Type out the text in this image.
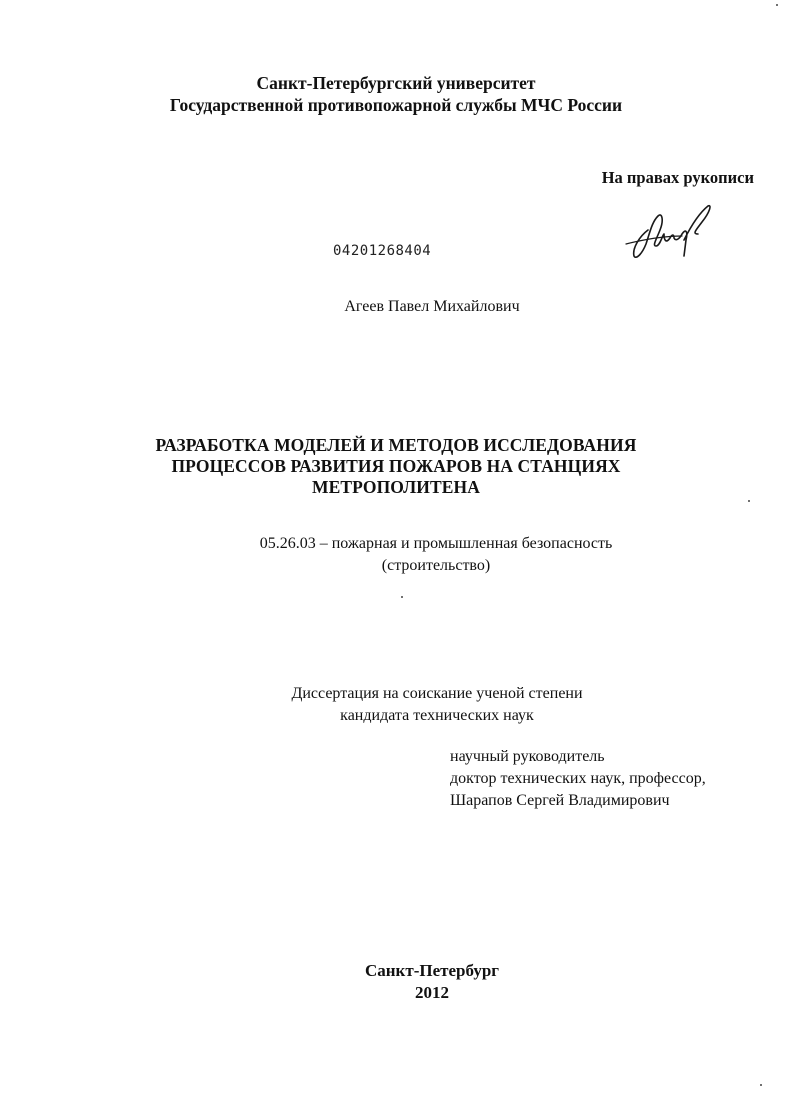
Санкт-Петербургский университет
Государственной противопожарной службы МЧС России
На правах рукописи
04201268404
Агеев Павел Михайлович
РАЗРАБОТКА МОДЕЛЕЙ И МЕТОДОВ ИССЛЕДОВАНИЯ
ПРОЦЕССОВ РАЗВИТИЯ ПОЖАРОВ НА СТАНЦИЯХ
МЕТРОПОЛИТЕНА
05.26.03 – пожарная и промышленная безопасность
(строительство)
Диссертация на соискание ученой степени
кандидата технических наук
научный руководитель
доктор технических наук, профессор,
Шарапов Сергей Владимирович
Санкт-Петербург
2012
